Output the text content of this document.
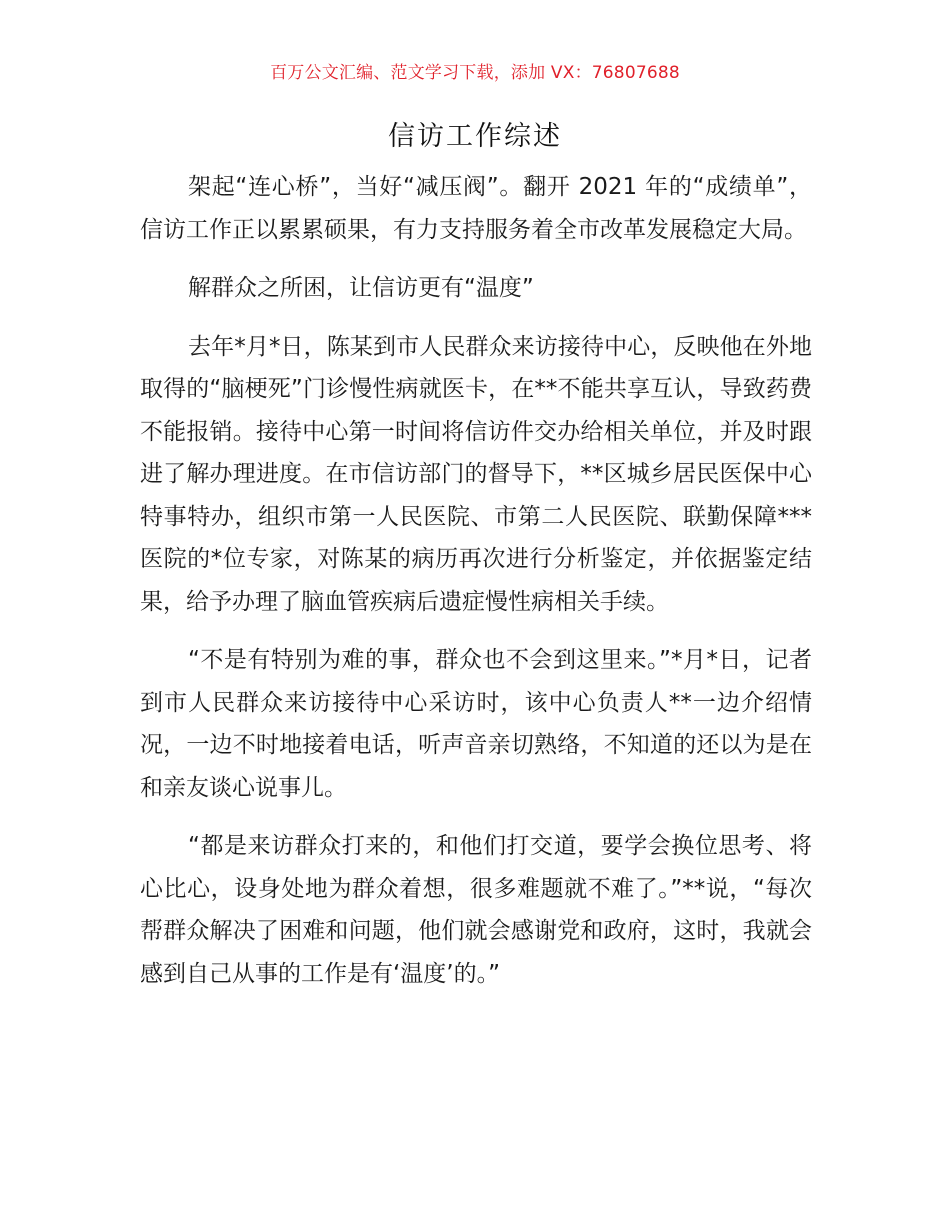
百万公文汇编、范文学习下载，添加 VX：76807688
信访工作综述

架起“连心桥”，当好“减压阀”。翻开 2021 年的“成绩单”，信访工作正以累累硕果，有力支持服务着全市改革发展稳定大局。

解群众之所困，让信访更有“温度”

去年*月*日，陈某到市人民群众来访接待中心，反映他在外地取得的“脑梗死”门诊慢性病就医卡，在**不能共享互认，导致药费不能报销。接待中心第一时间将信访件交办给相关单位，并及时跟进了解办理进度。在市信访部门的督导下，**区城乡居民医保中心特事特办，组织市第一人民医院、市第二人民医院、联勤保障***医院的*位专家，对陈某的病历再次进行分析鉴定，并依据鉴定结果，给予办理了脑血管疾病后遗症慢性病相关手续。

“不是有特别为难的事，群众也不会到这里来。”*月*日，记者到市人民群众来访接待中心采访时，该中心负责人**一边介绍情况，一边不时地接着电话，听声音亲切熟络，不知道的还以为是在和亲友谈心说事儿。

“都是来访群众打来的，和他们打交道，要学会换位思考、将心比心，设身处地为群众着想，很多难题就不难了。”**说，“每次帮群众解决了困难和问题，他们就会感谢党和政府，这时，我就会感到自己从事的工作是有‘温度’的。”
